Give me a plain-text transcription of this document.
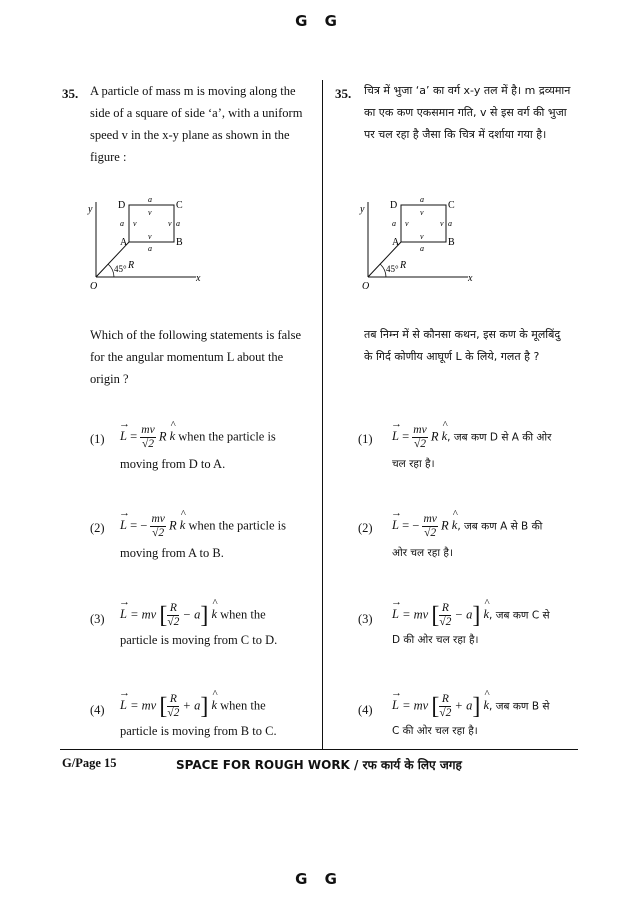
G G
35. A particle of mass m is moving along the
side of a square of side ‘a’, with a uniform
speed v in the x-y plane as shown in the
figure :
y
x
O
A	B
C
D
45° R
a
v
a v	v a
v
a
Which of the following statements is false
for the angular momentum L about the
origin ?
(1)
→ $L = \frac{mv}{√2}$ R ^ k when the particle is
moving from D to A.
(2)
→ L = − $\frac{mv}{√2}$ R ^ k when the particle is
moving from A to B.
(3)
→ L = mv [ $\frac{R}{√2} - a$] ^ k when the
particle is moving from C to D.
(4)
→ L = mv [ $\frac{R}{√2} + a$] ^ k when the
particle is moving from B to C.
35. चित्र में भुजा ‘a’ का वर्ग x-y तल में है। m द्रव्यमान
का एक कण एकसमान गति, v से इस वर्ग की भुजा
पर चल रहा है जैसा कि चित्र में दर्शाया गया है।
y
x
O
A	B
C
D
45° R
a
v
a v	v a
v
a
तब निम्न में से कौनसा कथन, इस कण के मूलबिंदु
के गिर्द कोणीय आघूर्ण L के लिये, गलत है ?
(1)
→ $L = \frac{mv}{√2}$ R ^ k, जब कण D से A की ओर
चल रहा है।
(2)
→ L = − $\frac{mv}{√2}$ R ^ k, जब कण A से B की
ओर चल रहा है।
(3)
→ L = mv [ $\frac{R}{√2} - a$] ^ k, जब कण C से
D की ओर चल रहा है।
(4)
→ L = mv [ $\frac{R}{√2} + a$] ^ k, जब कण B से
C की ओर चल रहा है।
G/Page 15	SPACE FOR ROUGH WORK / रफ कार्य के लिए जगह
G G
